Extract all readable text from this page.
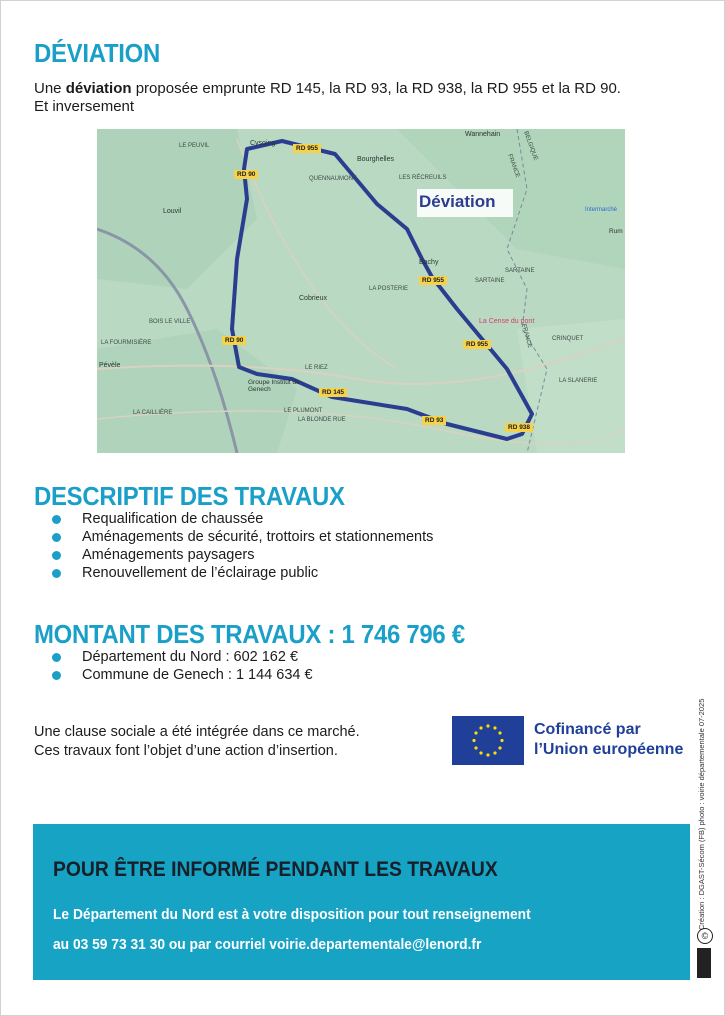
DÉVIATION
Une déviation proposée emprunte RD 145, la RD 93, la RD 938, la RD 955 et la RD 90.
Et inversement
Déviation
RD 955
RD 90
RD 955
RD 955
RD 90
RD 145
RD 93
RD 938
LE PEUVIL	Cysoing
Bourghelles
QUENNAUMONT	LES RÉCREUILS
Wannehain	BELGIQUE
FRANCE
Louvil
Bachy
SARTAINE
SARTAINE
Cobrieux
LA POSTERIE
La Cense du pont
BOIS LE VILLE
LA FOURMISIÈRE
Pévèle
Groupe Institut de Genech
LE RIEZ
LE PLUMONT
LA BLONDE RUE
LA CAILLIÈRE
CRINQUET
LA SLANERIE
Rum
Intermarché
FRANCE
DESCRIPTIF DES TRAVAUX
Requalification de chaussée
Aménagements de sécurité, trottoirs et stationnements
Aménagements paysagers
Renouvellement de l’éclairage public
MONTANT DES TRAVAUX : 1 746 796 €
Département du Nord : 602 162 €
Commune de Genech : 1 144 634 €
Une clause sociale a été intégrée dans ce marché.
Ces travaux font l’objet d’une action d’insertion.
Cofinancé par
l’Union européenne Création : DGAST-Sécom (FB) photo : voirie départementale 07-2025
POUR ÊTRE INFORMÉ PENDANT LES TRAVAUX
Le Département du Nord est à votre disposition pour tout renseignement
au 03 59 73 31 30 ou par courriel voirie.departementale@lenord.fr	©
